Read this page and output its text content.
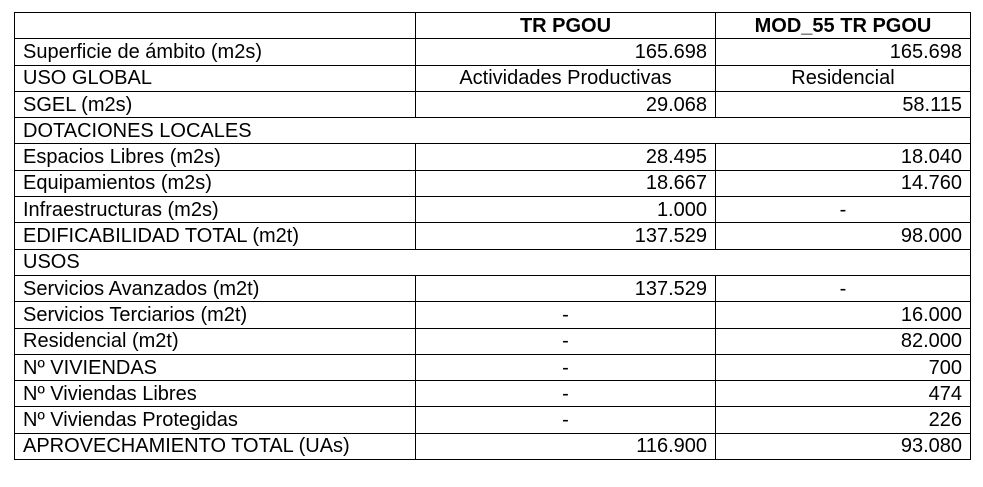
	TR PGOU	MOD_55 TR PGOU
Superficie de ámbito (m2s)	165.698	165.698
USO GLOBAL	Actividades Productivas	Residencial
SGEL (m2s)	29.068	58.115
DOTACIONES LOCALES		
Espacios Libres (m2s)	28.495	18.040
Equipamientos (m2s)	18.667	14.760
Infraestructuras (m2s)	1.000	-
EDIFICABILIDAD TOTAL (m2t)	137.529	98.000
USOS		
Servicios Avanzados (m2t)	137.529	-
Servicios Terciarios (m2t)	-	16.000
Residencial (m2t)	-	82.000
Nº VIVIENDAS	-	700
Nº Viviendas Libres	-	474
Nº Viviendas Protegidas	-	226
APROVECHAMIENTO TOTAL (UAs)	116.900	93.080
